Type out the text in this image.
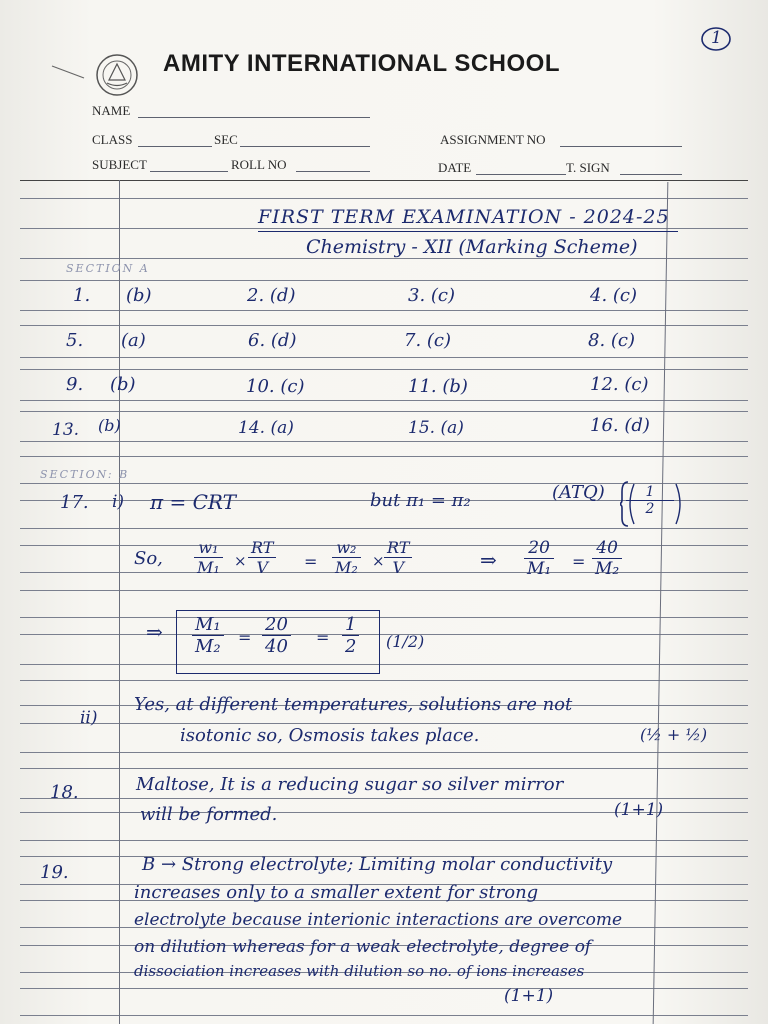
1
AMITY INTERNATIONAL SCHOOL
NAME
CLASS	SEC	ASSIGNMENT NO
SUBJECT	ROLL NO	DATE	T. SIGN
FIRST TERM EXAMINATION - 2024-25
Chemistry - XII (Marking Scheme)
SECTION A
1. (b)	2. (d)	3. (c)	4. (c)
5. (a)	6. (d)	7. (c)	8. (c)
9. (b)	10. (c)	11. (b)	12. (c)
13. (b)	14. (a)	15. (a)	16. (d)
SECTION: B
17. i) π = CRT	but π₁ = π₂	$(ATQ) \frac{1}{2}$
So, $\frac{\text{w₁}}{\text{M₁}} \times \frac{RT}{V} = \frac{\text{w₂}}{\text{M₂}} \times \frac{RT}{V}$	⇒ $\frac{20}{\text{M₁}} = \frac{40}{\text{M₂}}$
⇒ $\frac{\text{M₁}}{\text{M₂}} = \frac{20}{40} = \frac{1}{2} (1/2)$
ii)
Yes, at different temperatures, solutions are not
isotonic so, Osmosis takes place.	(½ + ½)
18.	Maltose, It is a reducing sugar so silver mirror
will be formed.	(1+1)
19.	B → Strong electrolyte; Limiting molar conductivity
increases only to a smaller extent for strong
electrolyte because interionic interactions are overcome
on dilution whereas for a weak electrolyte, degree of
dissociation increases with dilution so no. of ions increases
(1+1)
